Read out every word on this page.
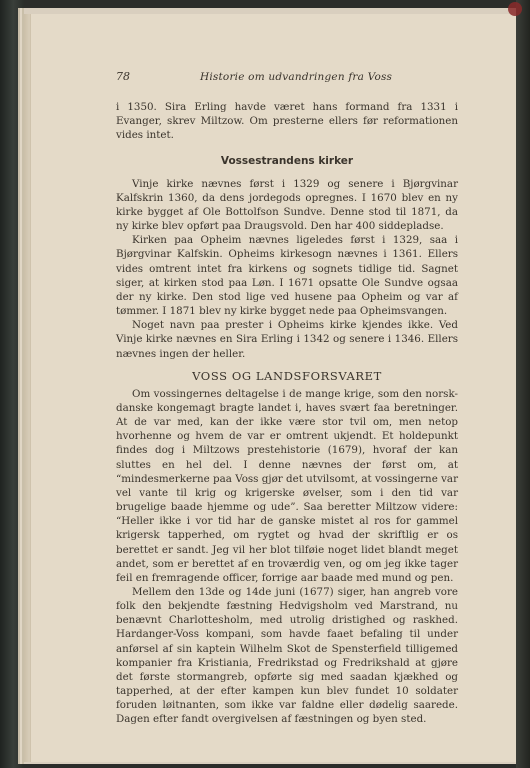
78	Historie om udvandringen fra Voss

i 1350. Sira Erling havde været hans formand fra 1331 i Evanger, skrev Miltzow. Om presterne ellers før reformationen vides intet.

Vossestrandens kirker

Vinje kirke nævnes først i 1329 og senere i Bjørgvinar Kalfskrin 1360, da dens jordegods opregnes. I 1670 blev en ny kirke bygget af Ole Bottolfson Sundve. Denne stod til 1871, da ny kirke blev opført paa Draugsvold. Den har 400 siddepladse.

Kirken paa Opheim nævnes ligeledes først i 1329, saa i Bjørgvinar Kalfskin. Opheims kirkesogn nævnes i 1361. Ellers vides omtrent intet fra kirkens og sognets tidlige tid. Sagnet siger, at kirken stod paa Løn. I 1671 opsatte Ole Sundve ogsaa der ny kirke. Den stod lige ved husene paa Opheim og var af tømmer. I 1871 blev ny kirke bygget nede paa Opheimsvangen.

Noget navn paa prester i Opheims kirke kjendes ikke. Ved Vinje kirke nævnes en Sira Erling i 1342 og senere i 1346. Ellers nævnes ingen der heller.

VOSS OG LANDSFORSVARET

Om vossingernes deltagelse i de mange krige, som den norsk-danske kongemagt bragte landet i, haves svært faa beretninger. At de var med, kan der ikke være stor tvil om, men netop hvorhenne og hvem de var er omtrent ukjendt. Et holdepunkt findes dog i Miltzows prestehistorie (1679), hvoraf der kan sluttes en hel del. I denne nævnes der først om, at “mindesmerkerne paa Voss gjør det utvilsomt, at vossingerne var vel vante til krig og krigerske øvelser, som i den tid var brugelige baade hjemme og ude”. Saa beretter Miltzow videre: “Heller ikke i vor tid har de ganske mistet al ros for gammel krigersk tapperhed, om rygtet og hvad der skriftlig er os berettet er sandt. Jeg vil her blot tilføie noget lidet blandt meget andet, som er berettet af en troværdig ven, og om jeg ikke tager feil en fremragende officer, forrige aar baade med mund og pen.

Mellem den 13de og 14de juni (1677) siger, han angreb vore folk den bekjendte fæstning Hedvigsholm ved Marstrand, nu benævnt Charlottesholm, med utrolig dristighed og raskhed. Hardanger-Voss kompani, som havde faaet befaling til under anførsel af sin kaptein Wilhelm Skot de Spensterfield tilligemed kompanier fra Kristiania, Fredrikstad og Fredrikshald at gjøre det første stormangreb, opførte sig med saadan kjækhed og tapperhed, at der efter kampen kun blev fundet 10 soldater foruden løitnanten, som ikke var faldne eller dødelig saarede. Dagen efter fandt overgivelsen af fæstningen og byen sted.
